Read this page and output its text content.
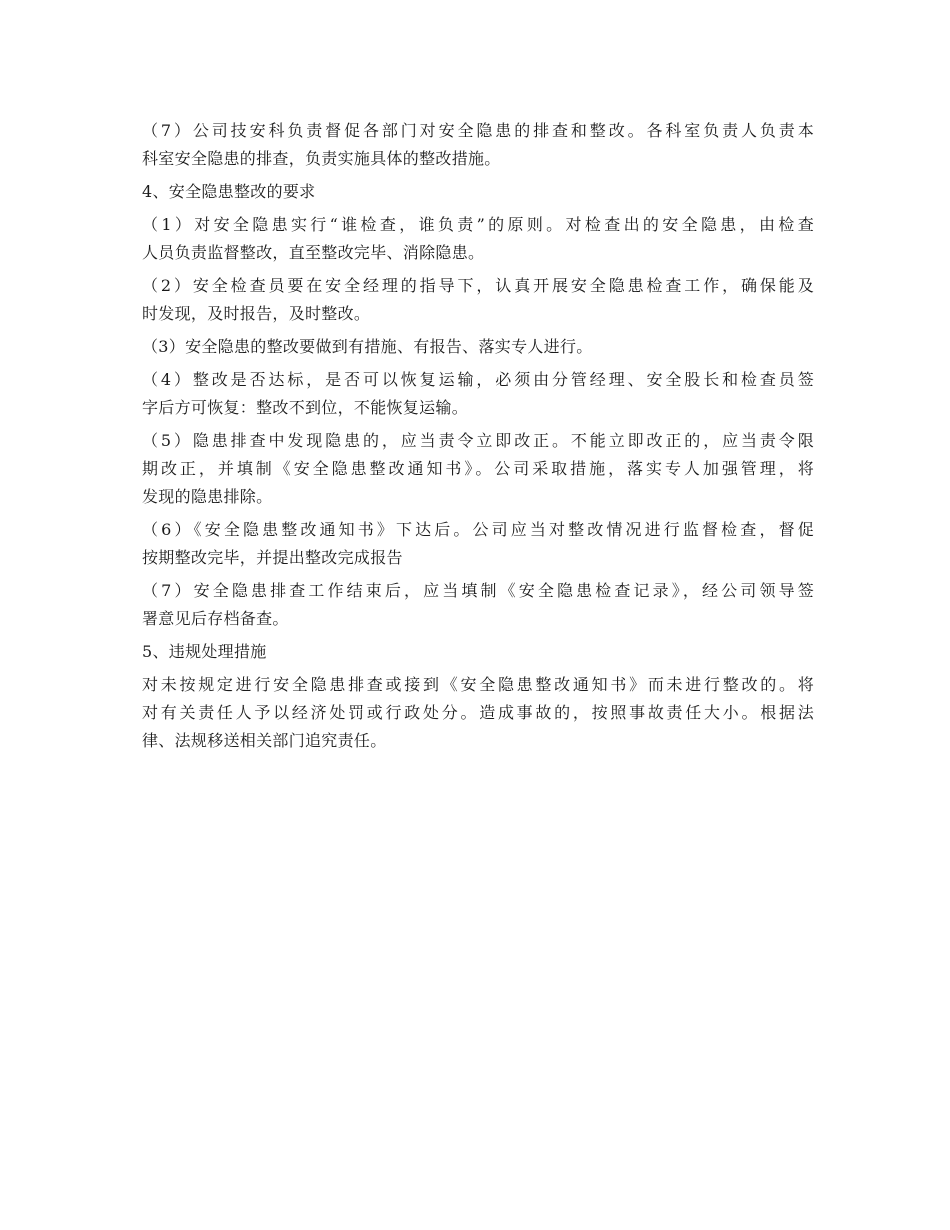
（7）公司技安科负责督促各部门对安全隐患的排查和整改。各科室负责人负责本
科室安全隐患的排查，负责实施具体的整改措施。
4、安全隐患整改的要求
（1）对安全隐患实行“谁检查，谁负责”的原则。对检查出的安全隐患，由检查
人员负责监督整改，直至整改完毕、消除隐患。
（2）安全检查员要在安全经理的指导下，认真开展安全隐患检查工作，确保能及
时发现，及时报告，及时整改。
（3）安全隐患的整改要做到有措施、有报告、落实专人进行。
（4）整改是否达标，是否可以恢复运输，必须由分管经理、安全股长和检查员签
字后方可恢复：整改不到位，不能恢复运输。
（5）隐患排查中发现隐患的，应当责令立即改正。不能立即改正的，应当责令限
期改正，并填制《安全隐患整改通知书》。公司采取措施，落实专人加强管理，将
发现的隐患排除。
（6）《安全隐患整改通知书》下达后。公司应当对整改情况进行监督检查，督促
按期整改完毕，并提出整改完成报告
（7）安全隐患排查工作结束后，应当填制《安全隐患检查记录》，经公司领导签
署意见后存档备查。
5、违规处理措施
对未按规定进行安全隐患排查或接到《安全隐患整改通知书》而未进行整改的。将
对有关责任人予以经济处罚或行政处分。造成事故的，按照事故责任大小。根据法
律、法规移送相关部门追究责任。
